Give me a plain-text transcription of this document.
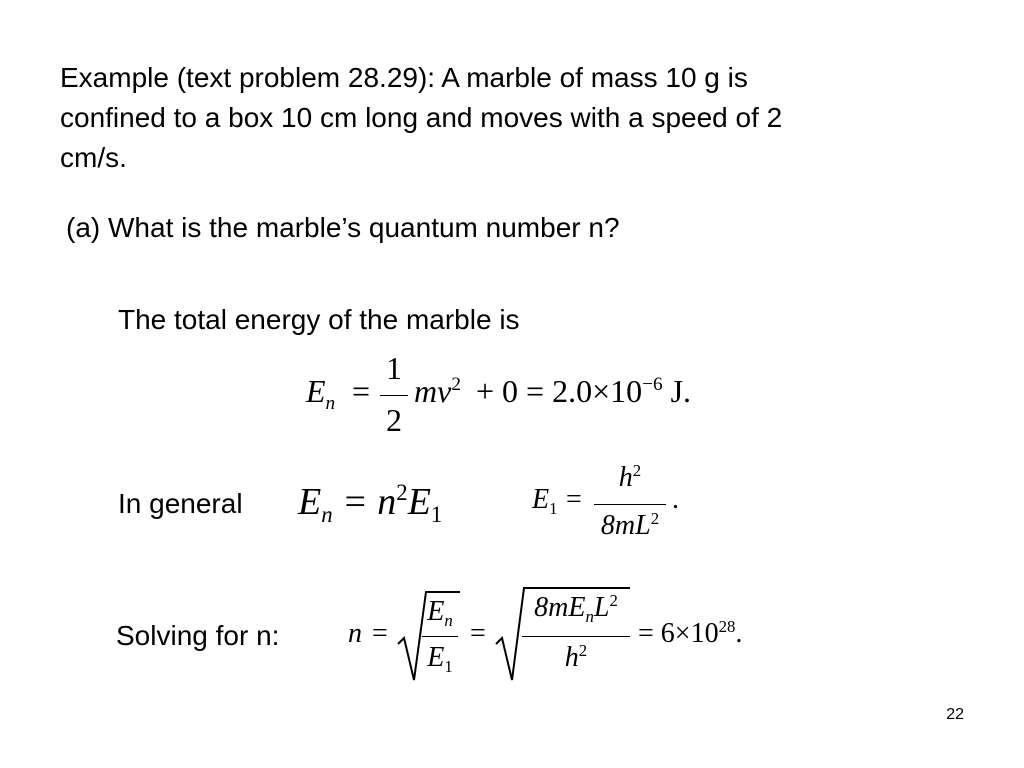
Example (text problem 28.29): A marble of mass 10 g is
confined to a box 10 cm long and moves with a speed of 2
cm/s.
(a) What is the marble’s quantum number n?
The total energy of the marble is
$E_n$ =
1
2
$mv^2 + 0 = 2.0\times 10^{-6}$ J.
In general $E_n = n^2E_1$	$E_1$ =
$h^2$
$8mL^2$
.
Solving for n: n =
$E_n$
$E_1$
=
$8mE_nL^2$
$h^2$
= $6\times 10^{28}$.
22
